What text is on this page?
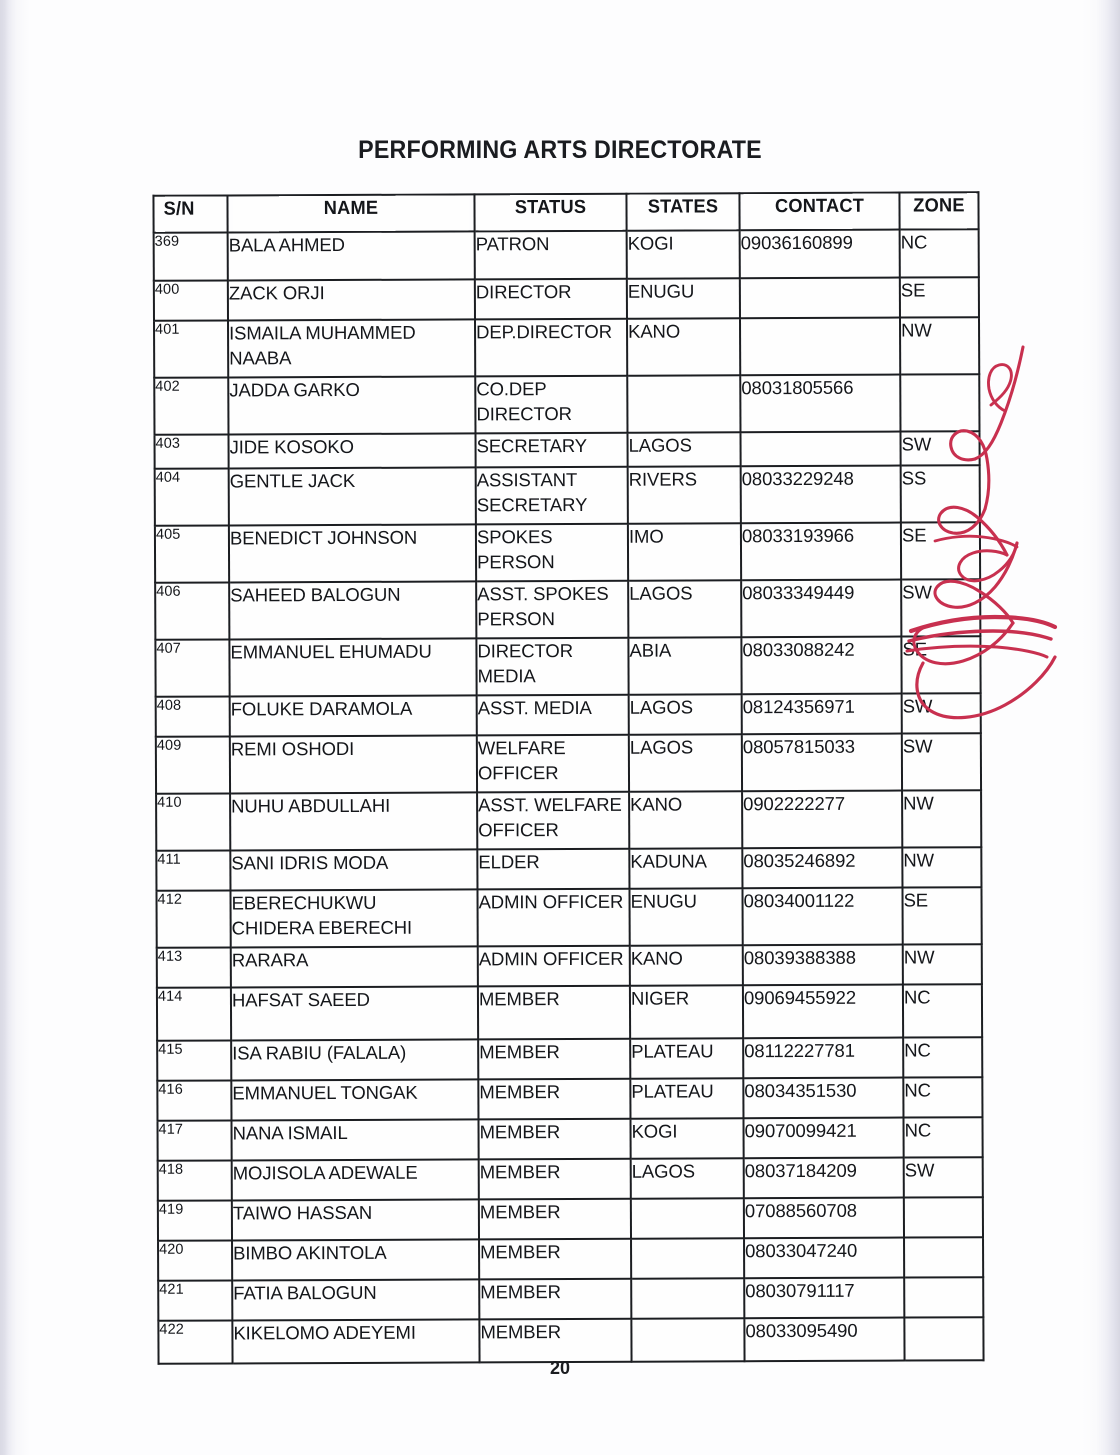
PERFORMING ARTS DIRECTORATE
S/N	NAME	STATUS	STATES	CONTACT	ZONE
369	BALA AHMED	PATRON	KOGI	09036160899	NC
400	ZACK ORJI	DIRECTOR	ENUGU		SE
401	ISMAILA MUHAMMED
NAABA	DEP.DIRECTOR	KANO		NW
402	JADDA GARKO	CO.DEP
DIRECTOR		08031805566	
403	JIDE KOSOKO	SECRETARY	LAGOS		SW
404	GENTLE JACK	ASSISTANT
SECRETARY	RIVERS	08033229248	SS
405	BENEDICT JOHNSON	SPOKES
PERSON	IMO	08033193966	SE
406	SAHEED BALOGUN	ASST. SPOKES
PERSON	LAGOS	08033349449	SW
407	EMMANUEL EHUMADU	DIRECTOR
MEDIA	ABIA	08033088242	SE
408	FOLUKE DARAMOLA	ASST. MEDIA	LAGOS	08124356971	SW
409	REMI OSHODI	WELFARE
OFFICER	LAGOS	08057815033	SW
410	NUHU ABDULLAHI	ASST. WELFARE
OFFICER	KANO	0902222277	NW
411	SANI IDRIS MODA	ELDER	KADUNA	08035246892	NW
412	EBERECHUKWU
CHIDERA EBERECHI	ADMIN OFFICER	ENUGU	08034001122	SE
413	RARARA	ADMIN OFFICER	KANO	08039388388	NW
414	HAFSAT SAEED	MEMBER	NIGER	09069455922	NC
415	ISA RABIU (FALALA)	MEMBER	PLATEAU	08112227781	NC
416	EMMANUEL TONGAK	MEMBER	PLATEAU	08034351530	NC
417	NANA ISMAIL	MEMBER	KOGI	09070099421	NC
418	MOJISOLA ADEWALE	MEMBER	LAGOS	08037184209	SW
419	TAIWO HASSAN	MEMBER		07088560708	
420	BIMBO AKINTOLA	MEMBER		08033047240	
421	FATIA BALOGUN	MEMBER		08030791117	
422	KIKELOMO ADEYEMI	MEMBER		08033095490	
20
